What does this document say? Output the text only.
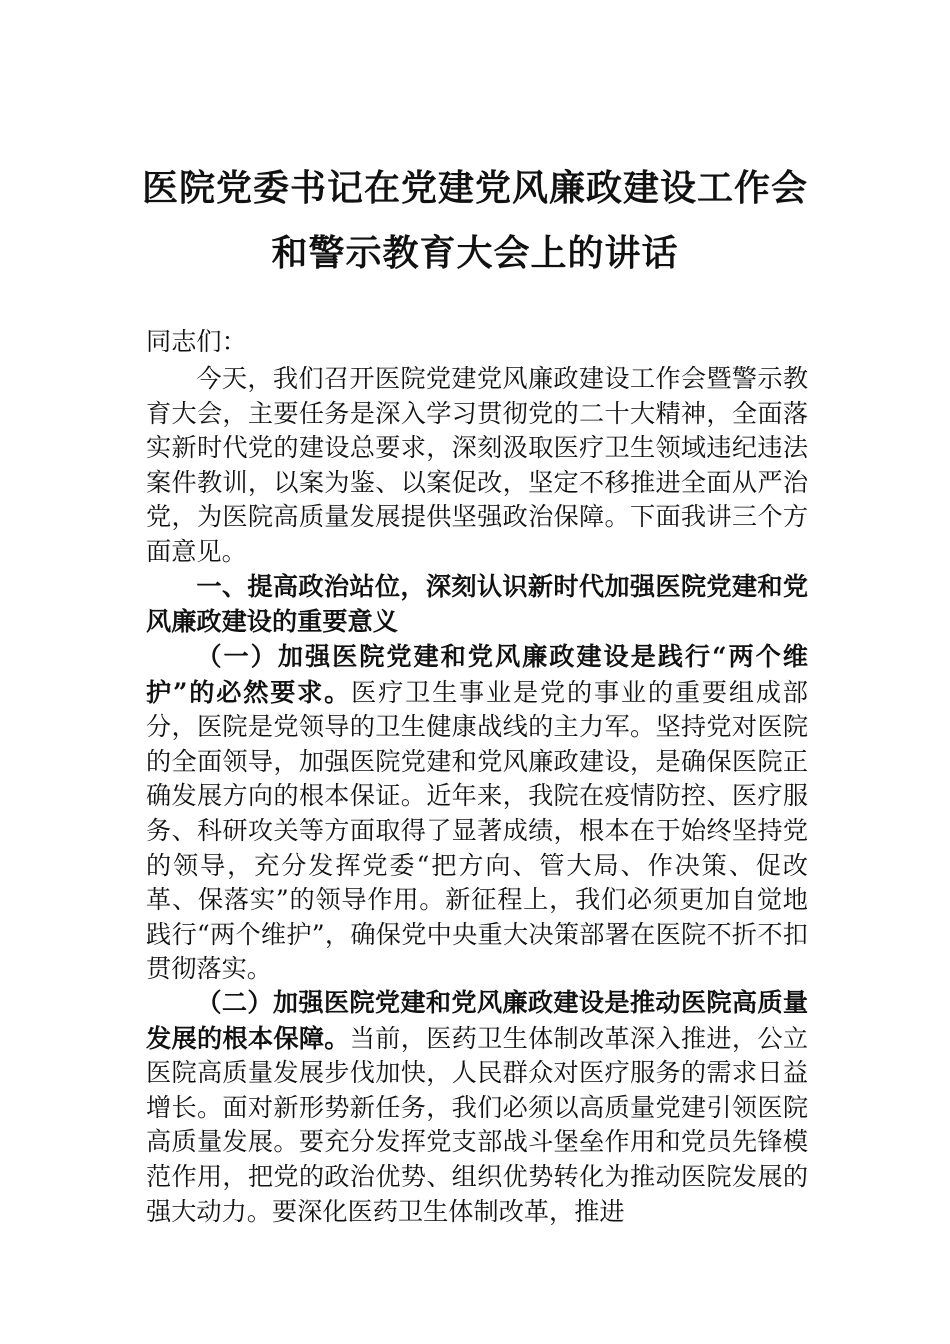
医院党委书记在党建党风廉政建设工作会
和警示教育大会上的讲话
同志们：
今天，我们召开医院党建党风廉政建设工作会暨警示教育大会，主要任务是深入学习贯彻党的二十大精神，全面落实新时代党的建设总要求，深刻汲取医疗卫生领域违纪违法案件教训，以案为鉴、以案促改，坚定不移推进全面从严治党，为医院高质量发展提供坚强政治保障。下面我讲三个方面意见。
一、提高政治站位，深刻认识新时代加强医院党建和党风廉政建设的重要意义
（一）加强医院党建和党风廉政建设是践行“两个维护”的必然要求。医疗卫生事业是党的事业的重要组成部分，医院是党领导的卫生健康战线的主力军。坚持党对医院的全面领导，加强医院党建和党风廉政建设，是确保医院正确发展方向的根本保证。近年来，我院在疫情防控、医疗服务、科研攻关等方面取得了显著成绩，根本在于始终坚持党的领导，充分发挥党委“把方向、管大局、作决策、促改革、保落实”的领导作用。新征程上，我们必须更加自觉地践行“两个维护”，确保党中央重大决策部署在医院不折不扣贯彻落实。
（二）加强医院党建和党风廉政建设是推动医院高质量发展的根本保障。当前，医药卫生体制改革深入推进，公立医院高质量发展步伐加快，人民群众对医疗服务的需求日益增长。面对新形势新任务，我们必须以高质量党建引领医院高质量发展。要充分发挥党支部战斗堡垒作用和党员先锋模范作用，把党的政治优势、组织优势转化为推动医院发展的强大动力。要深化医药卫生体制改革，推进
